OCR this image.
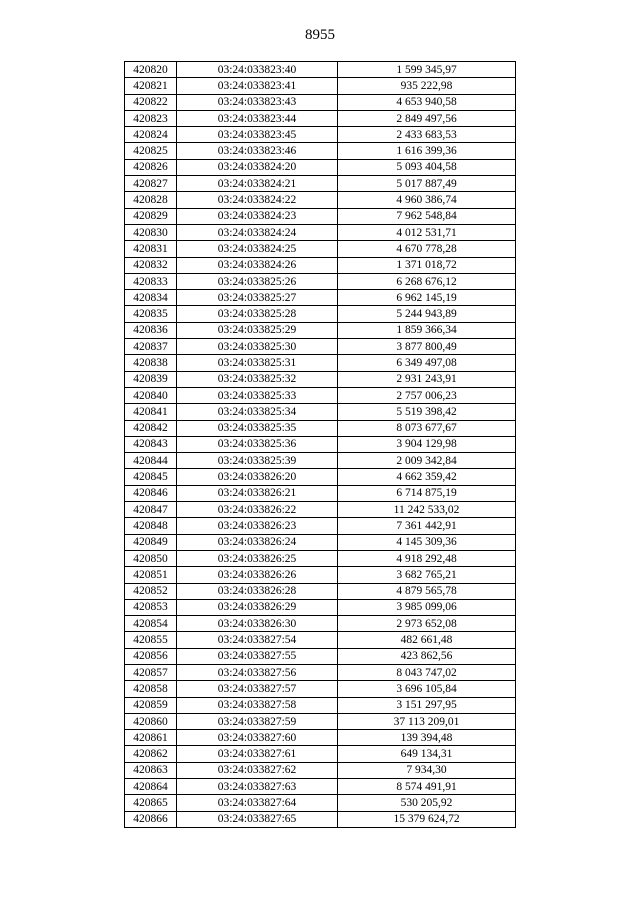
8955
420820	03:24:033823:40	1 599 345,97
420821	03:24:033823:41	935 222,98
420822	03:24:033823:43	4 653 940,58
420823	03:24:033823:44	2 849 497,56
420824	03:24:033823:45	2 433 683,53
420825	03:24:033823:46	1 616 399,36
420826	03:24:033824:20	5 093 404,58
420827	03:24:033824:21	5 017 887,49
420828	03:24:033824:22	4 960 386,74
420829	03:24:033824:23	7 962 548,84
420830	03:24:033824:24	4 012 531,71
420831	03:24:033824:25	4 670 778,28
420832	03:24:033824:26	1 371 018,72
420833	03:24:033825:26	6 268 676,12
420834	03:24:033825:27	6 962 145,19
420835	03:24:033825:28	5 244 943,89
420836	03:24:033825:29	1 859 366,34
420837	03:24:033825:30	3 877 800,49
420838	03:24:033825:31	6 349 497,08
420839	03:24:033825:32	2 931 243,91
420840	03:24:033825:33	2 757 006,23
420841	03:24:033825:34	5 519 398,42
420842	03:24:033825:35	8 073 677,67
420843	03:24:033825:36	3 904 129,98
420844	03:24:033825:39	2 009 342,84
420845	03:24:033826:20	4 662 359,42
420846	03:24:033826:21	6 714 875,19
420847	03:24:033826:22	11 242 533,02
420848	03:24:033826:23	7 361 442,91
420849	03:24:033826:24	4 145 309,36
420850	03:24:033826:25	4 918 292,48
420851	03:24:033826:26	3 682 765,21
420852	03:24:033826:28	4 879 565,78
420853	03:24:033826:29	3 985 099,06
420854	03:24:033826:30	2 973 652,08
420855	03:24:033827:54	482 661,48
420856	03:24:033827:55	423 862,56
420857	03:24:033827:56	8 043 747,02
420858	03:24:033827:57	3 696 105,84
420859	03:24:033827:58	3 151 297,95
420860	03:24:033827:59	37 113 209,01
420861	03:24:033827:60	139 394,48
420862	03:24:033827:61	649 134,31
420863	03:24:033827:62	7 934,30
420864	03:24:033827:63	8 574 491,91
420865	03:24:033827:64	530 205,92
420866	03:24:033827:65	15 379 624,72
